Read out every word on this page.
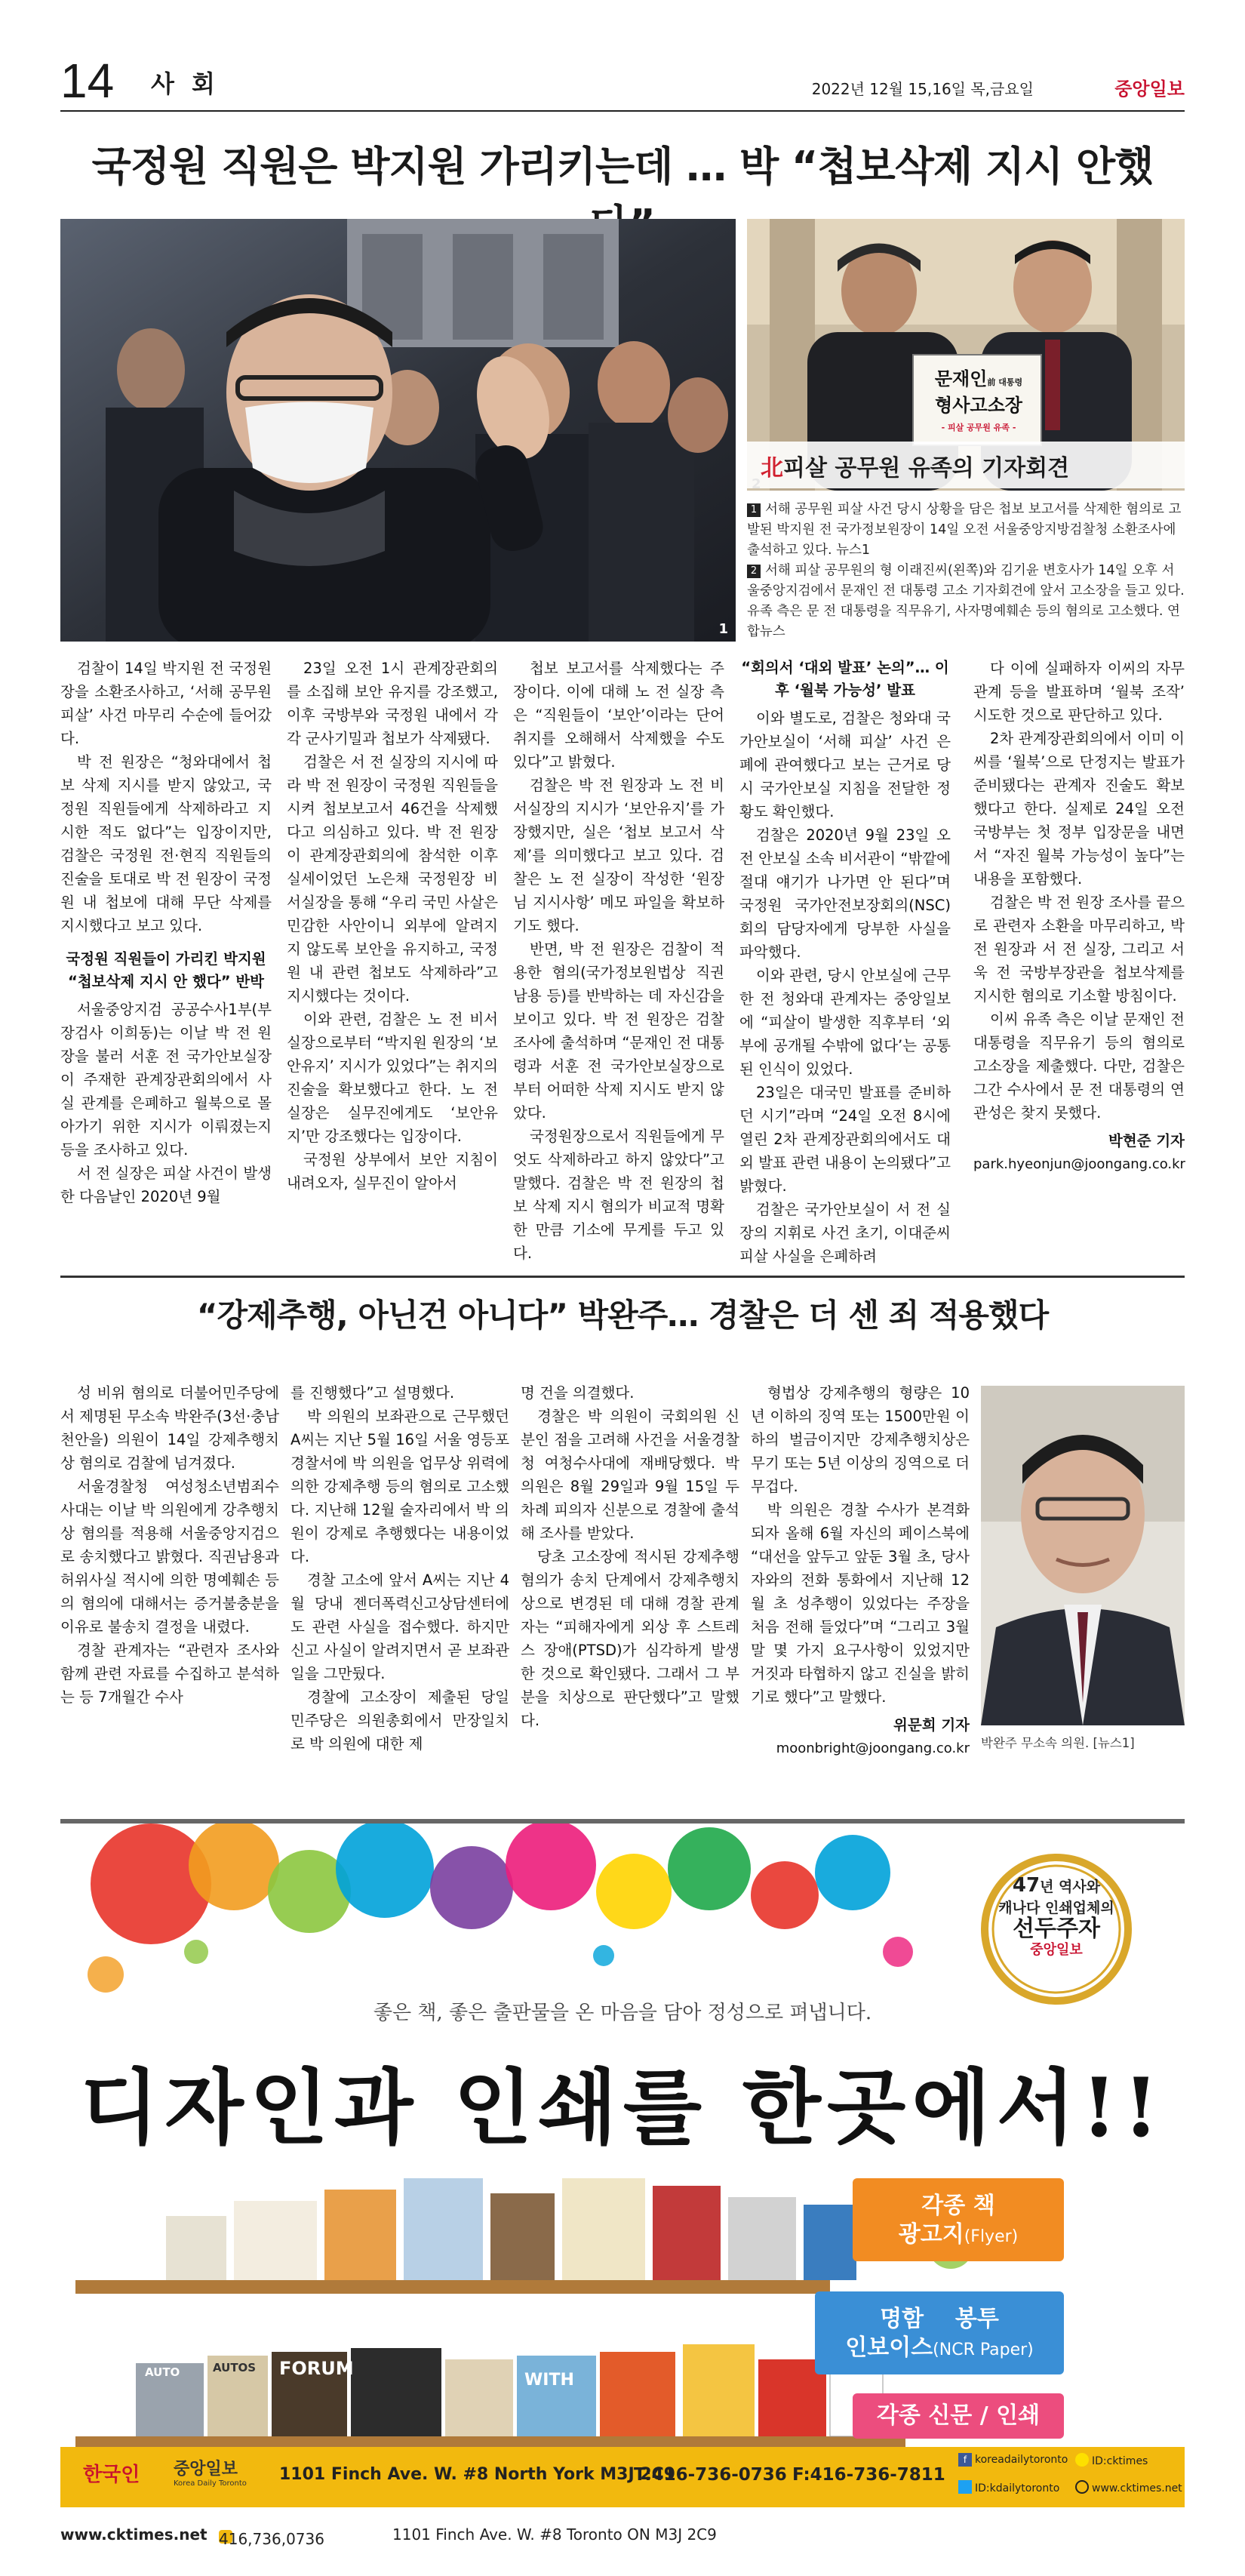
14 사 회	2022년 12월 15,16일 목,금요일	중앙일보
국정원 직원은 박지원 가리키는데 … 박 “첩보삭제 지시 안했
1
문재인前 대통령
형사고소장
- 피살 공무원 유족 -
北피살 공무원 유족의 기자회견

1 서해 공무원 피살 사건 당시 상황을 담은 첩보 보고서를 삭제한 혐의로 고발된 박지원 전 국가정보원장이 14일 오전 서울중앙지방검찰청 소환조사에 출석하고 있다. 뉴스1

2 서해 피살 공무원의 형 이래진씨(왼쪽)와 김기윤 변호사가 14일 오후 서울중앙지검에서 문재인 전 대통령 고소 기자회견에 앞서 고소장을 들고 있다. 유족 측은 문 전 대통령을 직무유기, 사자명예훼손 등의 혐의로 고소했다. 연합뉴스

검찰이 14일 박지원 전 국정원장을 소환조사하고, ‘서해 공무원 피살’ 사건 마무리 수순에 들어갔다.

박 전 원장은 “청와대에서 첩보 삭제 지시를 받지 않았고, 국정원 직원들에게 삭제하라고 지시한 적도 없다”는 입장이지만, 검찰은 국정원 전·현직 직원들의 진술을 토대로 박 전 원장이 국정원 내 첩보에 대해 무단 삭제를 지시했다고 보고 있다.

국정원 직원들이 가리킨 박지원 “첩보삭제 지시 안 했다” 반박

서울중앙지검 공공수사1부(부장검사 이희동)는 이날 박 전 원장을 불러 서훈 전 국가안보실장이 주재한 관계장관회의에서 사실 관계를 은폐하고 월북으로 몰아가기 위한 지시가 이뤄졌는지 등을 조사하고 있다.

서 전 실장은 피살 사건이 발생한 다음날인 2020년 9월

23일 오전 1시 관계장관회의를 소집해 보안 유지를 강조했고, 이후 국방부와 국정원 내에서 각각 군사기밀과 첩보가 삭제됐다.

검찰은 서 전 실장의 지시에 따라 박 전 원장이 국정원 직원들을 시켜 첩보보고서 46건을 삭제했다고 의심하고 있다. 박 전 원장이 관계장관회의에 참석한 이후 실세이었던 노은채 국정원장 비서실장을 통해 “우리 국민 사살은 민감한 사안이니 외부에 알려지지 않도록 보안을 유지하고, 국정원 내 관련 첩보도 삭제하라”고 지시했다는 것이다.

이와 관련, 검찰은 노 전 비서실장으로부터 “박지원 원장의 ‘보안유지’ 지시가 있었다”는 취지의 진술을 확보했다고 한다. 노 전 실장은 실무진에게도 ‘보안유지’만 강조했다는 입장이다.

국정원 상부에서 보안 지침이 내려오자, 실무진이 알아서

첩보 보고서를 삭제했다는 주장이다. 이에 대해 노 전 실장 측은 “직원들이 ‘보안’이라는 단어 취지를 오해해서 삭제했을 수도 있다”고 밝혔다.

검찰은 박 전 원장과 노 전 비서실장의 지시가 ‘보안유지’를 가장했지만, 실은 ‘첩보 보고서 삭제’를 의미했다고 보고 있다. 검찰은 노 전 실장이 작성한 ‘원장님 지시사항’ 메모 파일을 확보하기도 했다.

반면, 박 전 원장은 검찰이 적용한 혐의(국가정보원법상 직권남용 등)를 반박하는 데 자신감을 보이고 있다. 박 전 원장은 검찰 조사에 출석하며 “문재인 전 대통령과 서훈 전 국가안보실장으로부터 어떠한 삭제 지시도 받지 않았다.

국정원장으로서 직원들에게 무엇도 삭제하라고 하지 않았다”고 말했다. 검찰은 박 전 원장의 첩보 삭제 지시 혐의가 비교적 명확한 만큼 기소에 무게를 두고 있다.

“회의서 ‘대외 발표’ 논의”… 이후 ‘월북 가능성’ 발표

이와 별도로, 검찰은 청와대 국가안보실이 ‘서해 피살’ 사건 은폐에 관여했다고 보는 근거로 당시 국가안보실 지침을 전달한 정황도 확인했다.

검찰은 2020년 9월 23일 오전 안보실 소속 비서관이 “밖깥에 절대 얘기가 나가면 안 된다”며 국정원 국가안전보장회의(NSC) 회의 담당자에게 당부한 사실을 파악했다.

이와 관련, 당시 안보실에 근무한 전 청와대 관계자는 중앙일보에 “피살이 발생한 직후부터 ‘외부에 공개될 수밖에 없다’는 공통된 인식이 있었다.

23일은 대국민 발표를 준비하던 시기”라며 “24일 오전 8시에 열린 2차 관계장관회의에서도 대외 발표 관련 내용이 논의됐다”고 밝혔다.

검찰은 국가안보실이 서 전 실장의 지휘로 사건 초기, 이대준씨 피살 사실을 은폐하려

다 이에 실패하자 이씨의 자무 관계 등을 발표하며 ‘월북 조작’ 시도한 것으로 판단하고 있다.

2차 관계장관회의에서 이미 이씨를 ‘월북’으로 단정지는 발표가 준비됐다는 관계자 진술도 확보했다고 한다. 실제로 24일 오전 국방부는 첫 정부 입장문을 내면서 “자진 월북 가능성이 높다”는 내용을 포함했다.

검찰은 박 전 원장 조사를 끝으로 관련자 소환을 마무리하고, 박 전 원장과 서 전 실장, 그리고 서욱 전 국방부장관을 첩보삭제를 지시한 혐의로 기소할 방침이다.

이씨 유족 측은 이날 문재인 전 대통령을 직무유기 등의 혐의로 고소장을 제출했다. 다만, 검찰은 그간 수사에서 문 전 대통령의 연관성은 찾지 못했다.

박현준 기자

park.hyeonjun@joongang.co.kr

“강제추행, 아닌건 아니다” 박완주… 경찰은 더 센 죄 적용했다

성 비위 혐의로 더불어민주당에서 제명된 무소속 박완주(3선·충남 천안을) 의원이 14일 강제추행치상 혐의로 검찰에 넘겨졌다.

서울경찰청 여성청소년범죄수사대는 이날 박 의원에게 강추행치상 혐의를 적용해 서울중앙지검으로 송치했다고 밝혔다. 직권남용과 허위사실 적시에 의한 명예훼손 등의 혐의에 대해서는 증거불충분을 이유로 불송치 결정을 내렸다.

경찰 관계자는 “관련자 조사와 함께 관련 자료를 수집하고 분석하는 등 7개월간 수사

를 진행했다”고 설명했다.

박 의원의 보좌관으로 근무했던 A씨는 지난 5월 16일 서울 영등포경찰서에 박 의원을 업무상 위력에 의한 강제추행 등의 혐의로 고소했다. 지난해 12월 술자리에서 박 의원이 강제로 추행했다는 내용이었다.

경찰 고소에 앞서 A씨는 지난 4월 당내 젠더폭력신고상담센터에도 관련 사실을 접수했다. 하지만 신고 사실이 알려지면서 곧 보좌관 일을 그만뒀다.

경찰에 고소장이 제출된 당일 민주당은 의원총회에서 만장일치로 박 의원에 대한 제

명 건을 의결했다.

경찰은 박 의원이 국회의원 신분인 점을 고려해 사건을 서울경찰청 여청수사대에 재배당했다. 박 의원은 8월 29일과 9월 15일 두 차례 피의자 신분으로 경찰에 출석해 조사를 받았다.

당초 고소장에 적시된 강제추행 혐의가 송치 단계에서 강제추행치상으로 변경된 데 대해 경찰 관계자는 “피해자에게 외상 후 스트레스 장애(PTSD)가 심각하게 발생한 것으로 확인됐다. 그래서 그 부분을 치상으로 판단했다”고 말했다.

형법상 강제추행의 형량은 10년 이하의 징역 또는 1500만원 이하의 벌금이지만 강제추행치상은 무기 또는 5년 이상의 징역으로 더 무겁다.

박 의원은 경찰 수사가 본격화되자 올해 6월 자신의 페이스북에 “대선을 앞두고 앞둔 3월 초, 당사자와의 전화 통화에서 지난해 12월 초 성추행이 있었다는 주장을 처음 전해 들었다”며 “그리고 3월 말 몇 가지 요구사항이 있었지만 거짓과 타협하지 않고 진실을 밝히기로 했다”고 말했다.

위문희 기자

moonbright@joongang.co.kr 박완주 무소속 의원. [뉴스1]
47년 역사와
캐나다 인쇄업체의
선두주자
중앙일보
좋은 책, 좋은 출판물을 온 마음을 담아 정성으로 펴냅니다.
디자인과 인쇄를 한곳에서!!
AUTO	AUTOS FORUM
WITH
각종 책
광고지(Flyer)
명함    봉투
인보이스(NCR Paper)
각종 신문 / 인쇄
한국인 중앙일보
Korea Daily Toronto 1101 Finch Ave. W. #8 North York M3J 2C9
T:416-736-0736 F:416-736-7811
f koreadailytoronto	ID:cktimes
ID:kdailytoronto	www.cktimes.net
www.cktimes.net 416,736,0736	1101 Finch Ave. W. #8 Toronto ON M3J 2C9
